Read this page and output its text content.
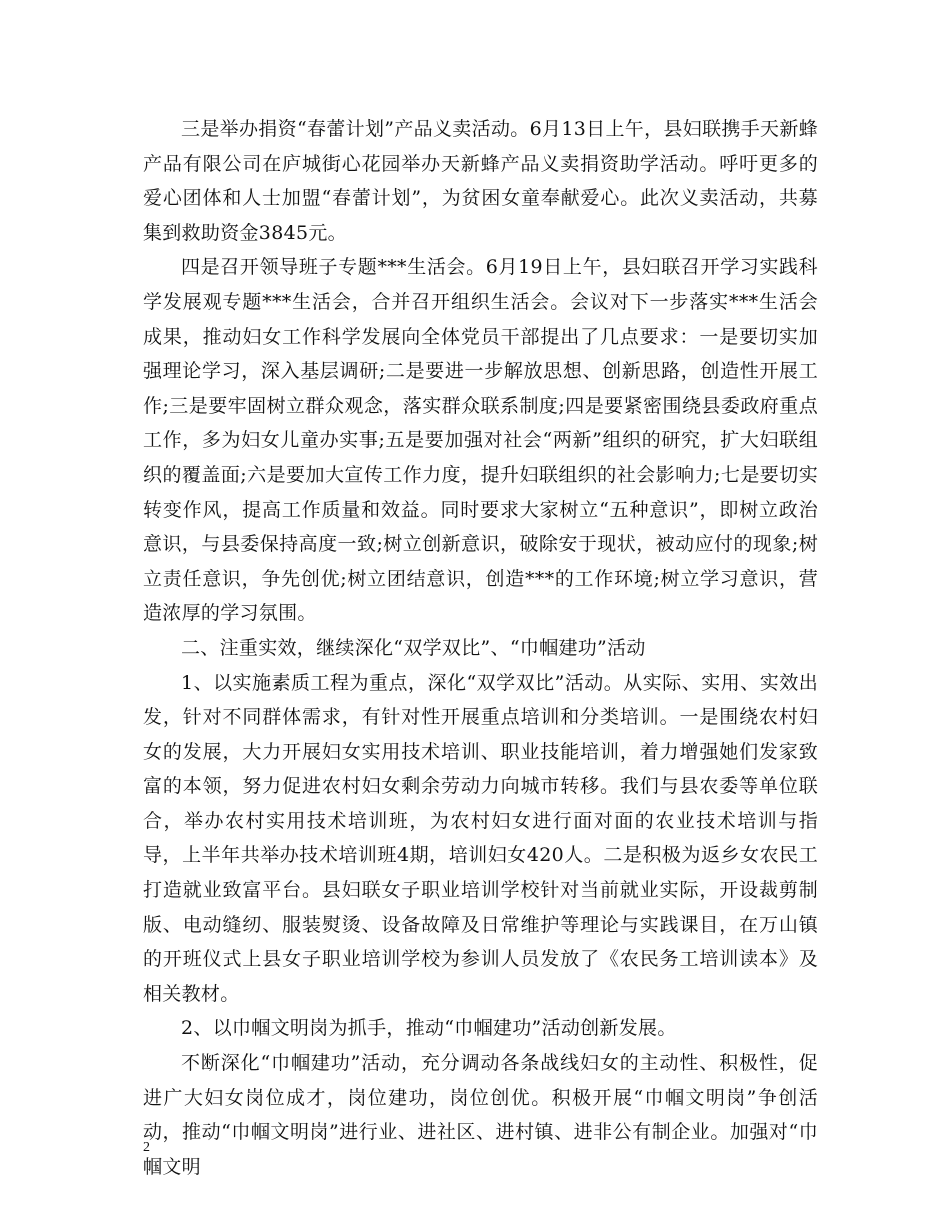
三是举办捐资“春蕾计划”产品义卖活动。6月13日上午，县妇联携手天新蜂产品有限公司在庐城街心花园举办天新蜂产品义卖捐资助学活动。呼吁更多的爱心团体和人士加盟“春蕾计划”，为贫困女童奉献爱心。此次义卖活动，共募集到救助资金3845元。

四是召开领导班子专题***生活会。6月19日上午，县妇联召开学习实践科学发展观专题***生活会，合并召开组织生活会。会议对下一步落实***生活会成果，推动妇女工作科学发展向全体党员干部提出了几点要求：一是要切实加强理论学习，深入基层调研;二是要进一步解放思想、创新思路，创造性开展工作;三是要牢固树立群众观念，落实群众联系制度;四是要紧密围绕县委政府重点工作，多为妇女儿童办实事;五是要加强对社会“两新”组织的研究，扩大妇联组织的覆盖面;六是要加大宣传工作力度，提升妇联组织的社会影响力;七是要切实转变作风，提高工作质量和效益。同时要求大家树立“五种意识”，即树立政治意识，与县委保持高度一致;树立创新意识，破除安于现状，被动应付的现象;树立责任意识，争先创优;树立团结意识，创造***的工作环境;树立学习意识，营造浓厚的学习氛围。

二、注重实效，继续深化“双学双比”、“巾帼建功”活动

1、以实施素质工程为重点，深化“双学双比”活动。从实际、实用、实效出发，针对不同群体需求，有针对性开展重点培训和分类培训。一是围绕农村妇女的发展，大力开展妇女实用技术培训、职业技能培训，着力增强她们发家致富的本领，努力促进农村妇女剩余劳动力向城市转移。我们与县农委等单位联合，举办农村实用技术培训班，为农村妇女进行面对面的农业技术培训与指导，上半年共举办技术培训班4期，培训妇女420人。二是积极为返乡女农民工打造就业致富平台。县妇联女子职业培训学校针对当前就业实际，开设裁剪制版、电动缝纫、服装熨烫、设备故障及日常维护等理论与实践课目，在万山镇的开班仪式上县女子职业培训学校为参训人员发放了《农民务工培训读本》及相关教材。

2、以巾帼文明岗为抓手，推动“巾帼建功”活动创新发展。

不断深化“巾帼建功”活动，充分调动各条战线妇女的主动性、积极性，促进广大妇女岗位成才，岗位建功，岗位创优。积极开展“巾帼文明岗”争创活动，推动“巾帼文明岗”进行业、进社区、进村镇、进非公有制企业。加强对“巾帼文明

2
